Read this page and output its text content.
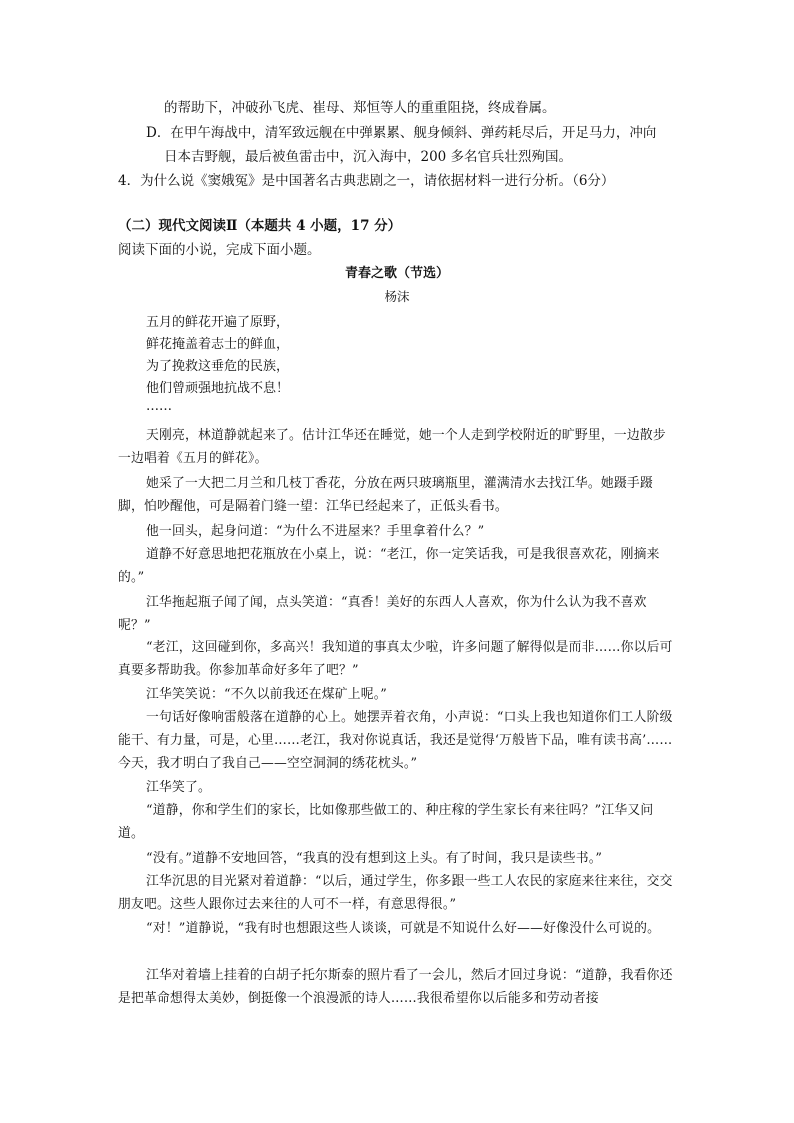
的帮助下，冲破孙飞虎、崔母、郑恒等人的重重阻挠，终成眷属。
D．在甲午海战中，清军致远舰在中弹累累、舰身倾斜、弹药耗尽后，开足马力，冲向
日本吉野舰，最后被鱼雷击中，沉入海中，200 多名官兵壮烈殉国。
4．为什么说《窦娥冤》是中国著名古典悲剧之一，请依据材料一进行分析。（6分）
（二）现代文阅读Ⅱ（本题共 4 小题，17 分）
阅读下面的小说，完成下面小题。
青春之歌（节选）
杨沫
五月的鲜花开遍了原野，
鲜花掩盖着志士的鲜血，
为了挽救这垂危的民族，
他们曾顽强地抗战不息！
……
天刚亮，林道静就起来了。估计江华还在睡觉，她一个人走到学校附近的旷野里，一边散步一边唱着《五月的鲜花》。
她采了一大把二月兰和几枝丁香花，分放在两只玻璃瓶里，灌满清水去找江华。她蹑手蹑脚，怕吵醒他，可是隔着门缝一望：江华已经起来了，正低头看书。
他一回头，起身问道：“为什么不进屋来？手里拿着什么？”
道静不好意思地把花瓶放在小桌上，说：“老江，你一定笑话我，可是我很喜欢花，刚摘来的。”
江华拖起瓶子闻了闻，点头笑道：“真香！美好的东西人人喜欢，你为什么认为我不喜欢呢？”
“老江，这回碰到你，多高兴！我知道的事真太少啦，许多问题了解得似是而非……你以后可真要多帮助我。你参加革命好多年了吧？”
江华笑笑说：“不久以前我还在煤矿上呢。”
一句话好像响雷般落在道静的心上。她摆弄着衣角，小声说：“口头上我也知道你们工人阶级能干、有力量，可是，心里……老江，我对你说真话，我还是觉得‘万般皆下品，唯有读书高’……今天，我才明白了我自己——空空洞洞的绣花枕头。”
江华笑了。
“道静，你和学生们的家长，比如像那些做工的、种庄稼的学生家长有来往吗？”江华又问道。
“没有。”道静不安地回答，“我真的没有想到这上头。有了时间，我只是读些书。”
江华沉思的目光紧对着道静：“以后，通过学生，你多跟一些工人农民的家庭来往来往，交交朋友吧。这些人跟你过去来往的人可不一样，有意思得很。”
“对！”道静说，“我有时也想跟这些人谈谈，可就是不知说什么好——好像没什么可说的。
江华对着墙上挂着的白胡子托尔斯泰的照片看了一会儿，然后才回过身说：“道静，我看你还是把革命想得太美妙，倒挺像一个浪漫派的诗人……我很希望你以后能多和劳动者接
